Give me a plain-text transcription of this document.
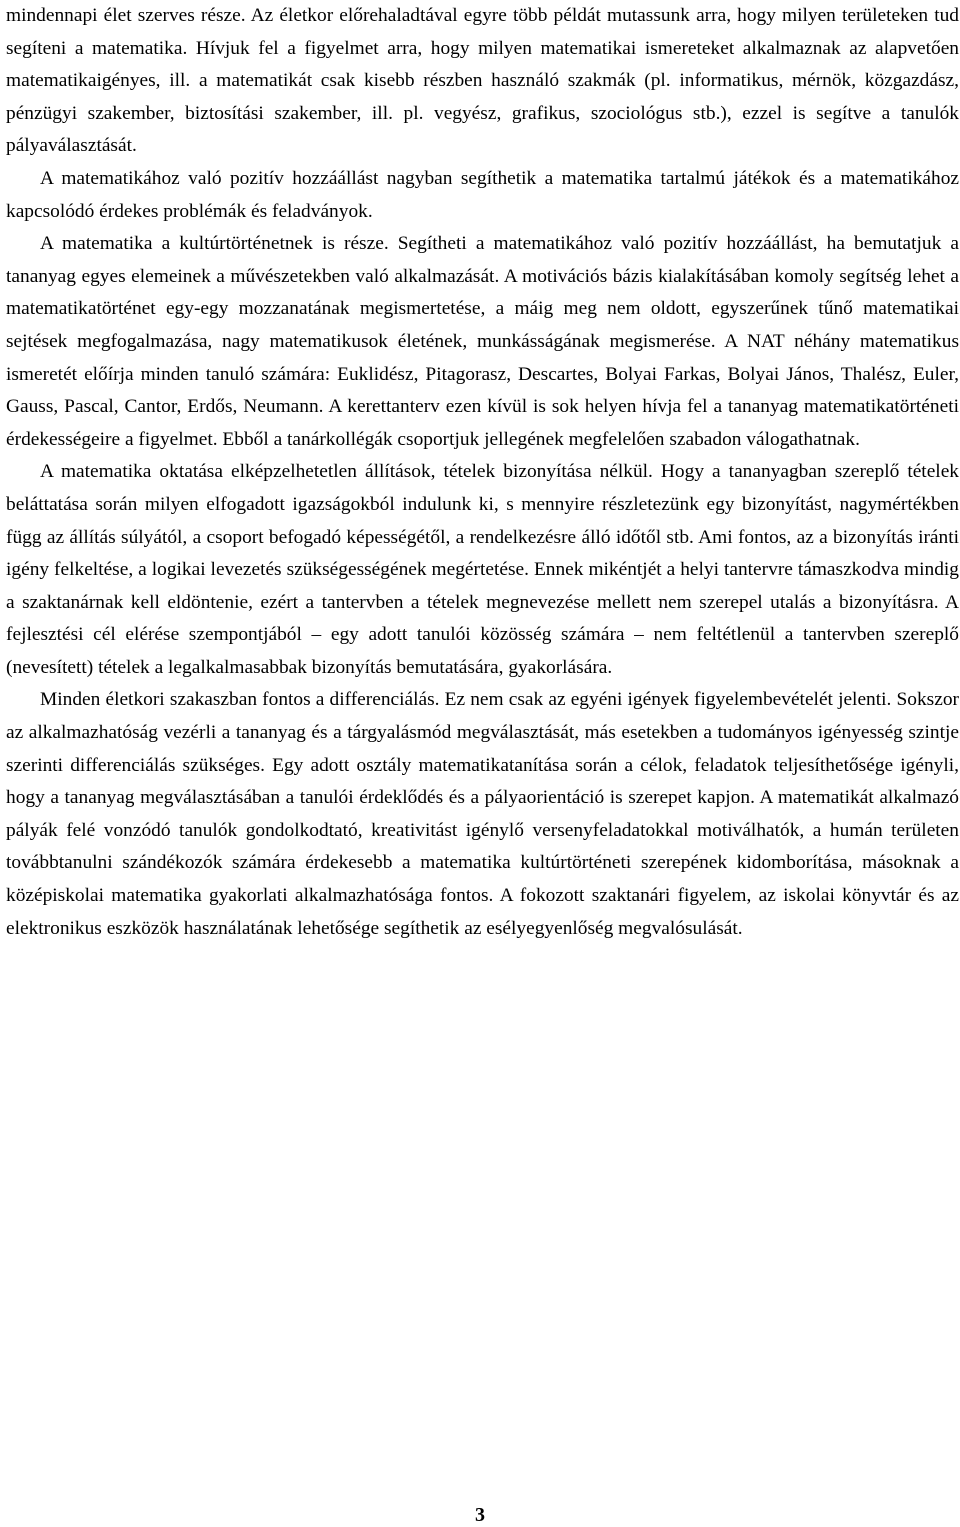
mindennapi élet szerves része. Az életkor előrehaladtával egyre több példát mutassunk arra, hogy milyen területeken tud segíteni a matematika. Hívjuk fel a figyelmet arra, hogy milyen matematikai ismereteket alkalmaznak az alapvetően matematikaigényes, ill. a matematikát csak kisebb részben használó szakmák (pl. informatikus, mérnök, közgazdász, pénzügyi szakember, biztosítási szakember, ill. pl. vegyész, grafikus, szociológus stb.), ezzel is segítve a tanulók pályaválasztását.

A matematikához való pozitív hozzáállást nagyban segíthetik a matematika tartalmú játékok és a matematikához kapcsolódó érdekes problémák és feladványok.

A matematika a kultúrtörténetnek is része. Segítheti a matematikához való pozitív hozzáállást, ha bemutatjuk a tananyag egyes elemeinek a művészetekben való alkalmazását. A motivációs bázis kialakításában komoly segítség lehet a matematikatörténet egy-egy mozzanatának megismertetése, a máig meg nem oldott, egyszerűnek tűnő matematikai sejtések megfogalmazása, nagy matematikusok életének, munkásságának megismerése. A NAT néhány matematikus ismeretét előírja minden tanuló számára: Euklidész, Pitagorasz, Descartes, Bolyai Farkas, Bolyai János, Thalész, Euler, Gauss, Pascal, Cantor, Erdős, Neumann. A kerettanterv ezen kívül is sok helyen hívja fel a tananyag matematikatörténeti érdekességeire a figyelmet. Ebből a tanárkollégák csoportjuk jellegének megfelelően szabadon válogathatnak.

A matematika oktatása elképzelhetetlen állítások, tételek bizonyítása nélkül. Hogy a tananyagban szereplő tételek beláttatása során milyen elfogadott igazságokból indulunk ki, s mennyire részletezünk egy bizonyítást, nagymértékben függ az állítás súlyától, a csoport befogadó képességétől, a rendelkezésre álló időtől stb. Ami fontos, az a bizonyítás iránti igény felkeltése, a logikai levezetés szükségességének megértetése. Ennek mikéntjét a helyi tantervre támaszkodva mindig a szaktanárnak kell eldöntenie, ezért a tantervben a tételek megnevezése mellett nem szerepel utalás a bizonyításra. A fejlesztési cél elérése szempontjából – egy adott tanulói közösség számára – nem feltétlenül a tantervben szereplő (nevesített) tételek a legalkalmasabbak bizonyítás bemutatására, gyakorlására.

Minden életkori szakaszban fontos a differenciálás. Ez nem csak az egyéni igények figyelembevételét jelenti. Sokszor az alkalmazhatóság vezérli a tananyag és a tárgyalásmód megválasztását, más esetekben a tudományos igényesség szintje szerinti differenciálás szükséges. Egy adott osztály matematikatanítása során a célok, feladatok teljesíthetősége igényli, hogy a tananyag megválasztásában a tanulói érdeklődés és a pályaorientáció is szerepet kapjon. A matematikát alkalmazó pályák felé vonzódó tanulók gondolkodtató, kreativitást igénylő versenyfeladatokkal motiválhatók, a humán területen továbbtanulni szándékozók számára érdekesebb a matematika kultúrtörténeti szerepének kidomborítása, másoknak a középiskolai matematika gyakorlati alkalmazhatósága fontos. A fokozott szaktanári figyelem, az iskolai könyvtár és az elektronikus eszközök használatának lehetősége segíthetik az esélyegyenlőség megvalósulását.

3
